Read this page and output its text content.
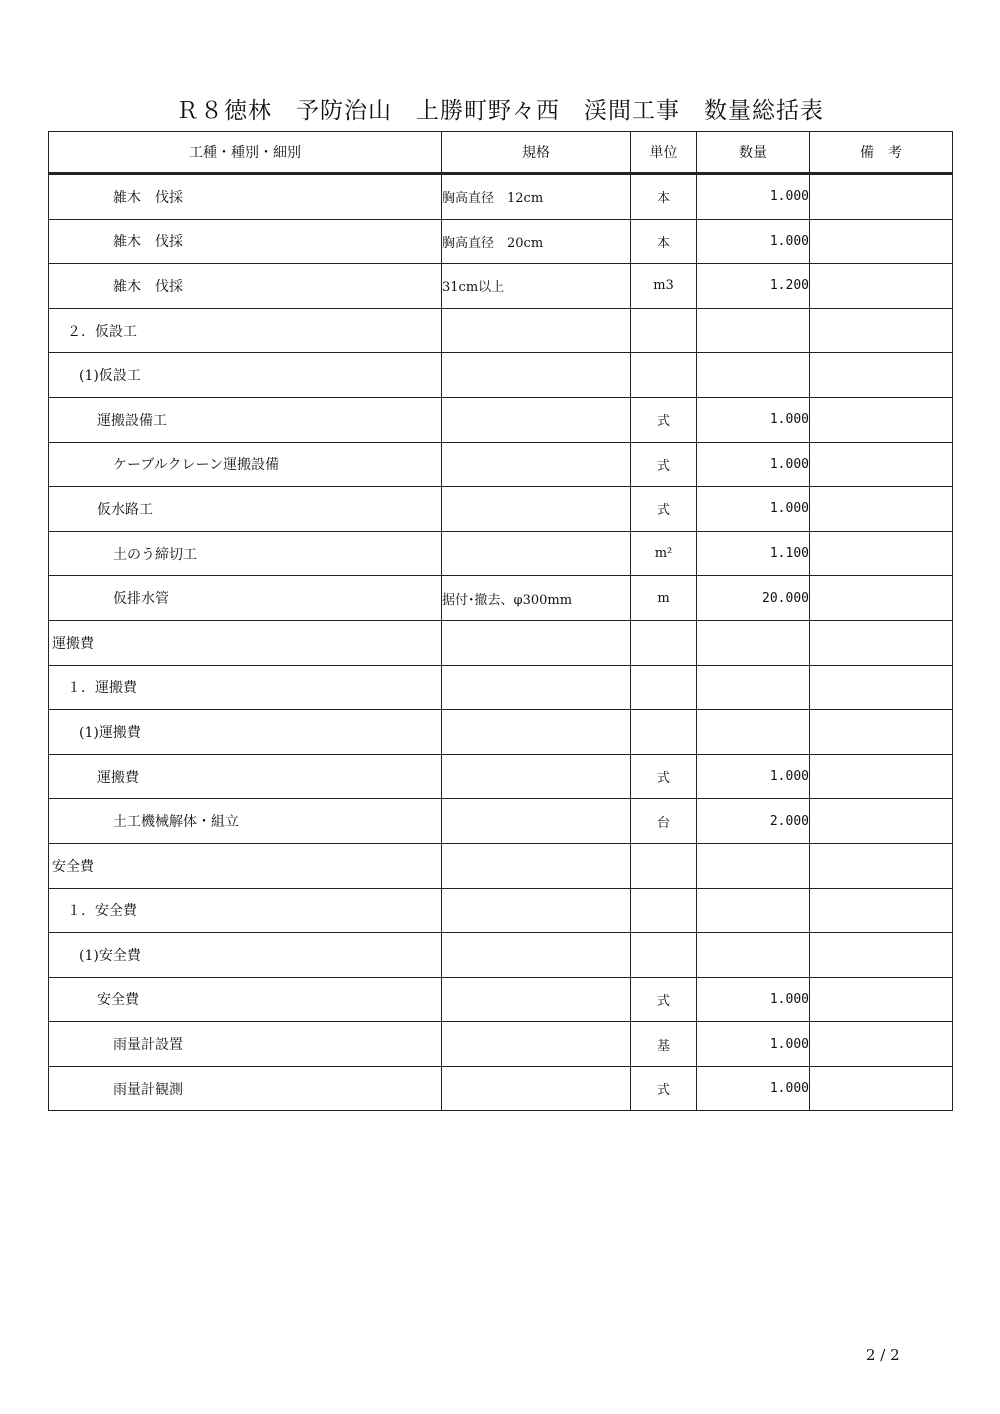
Ｒ８徳林　予防治山　上勝町野々西　渓間工事　数量総括表
工種・種別・細別	規格	単位	数量	備　考
雑木　伐採	胸高直径　12cm	本	1.000	
雑木　伐採	胸高直径　20cm	本	1.000	
雑木　伐採	31cm以上	m3	1.200	
２．仮設工				
(1)仮設工				
運搬設備工		式	1.000	
ケーブルクレーン運搬設備		式	1.000	
仮水路工		式	1.000	
土のう締切工		m²	1.100	
仮排水管	据付･撤去、φ300mm	m	20.000	
運搬費				
１．運搬費				
(1)運搬費				
運搬費		式	1.000	
土工機械解体・組立		台	2.000	
安全費				
１．安全費				
(1)安全費				
安全費		式	1.000	
雨量計設置		基	1.000	
雨量計観測		式	1.000	
2 / 2
